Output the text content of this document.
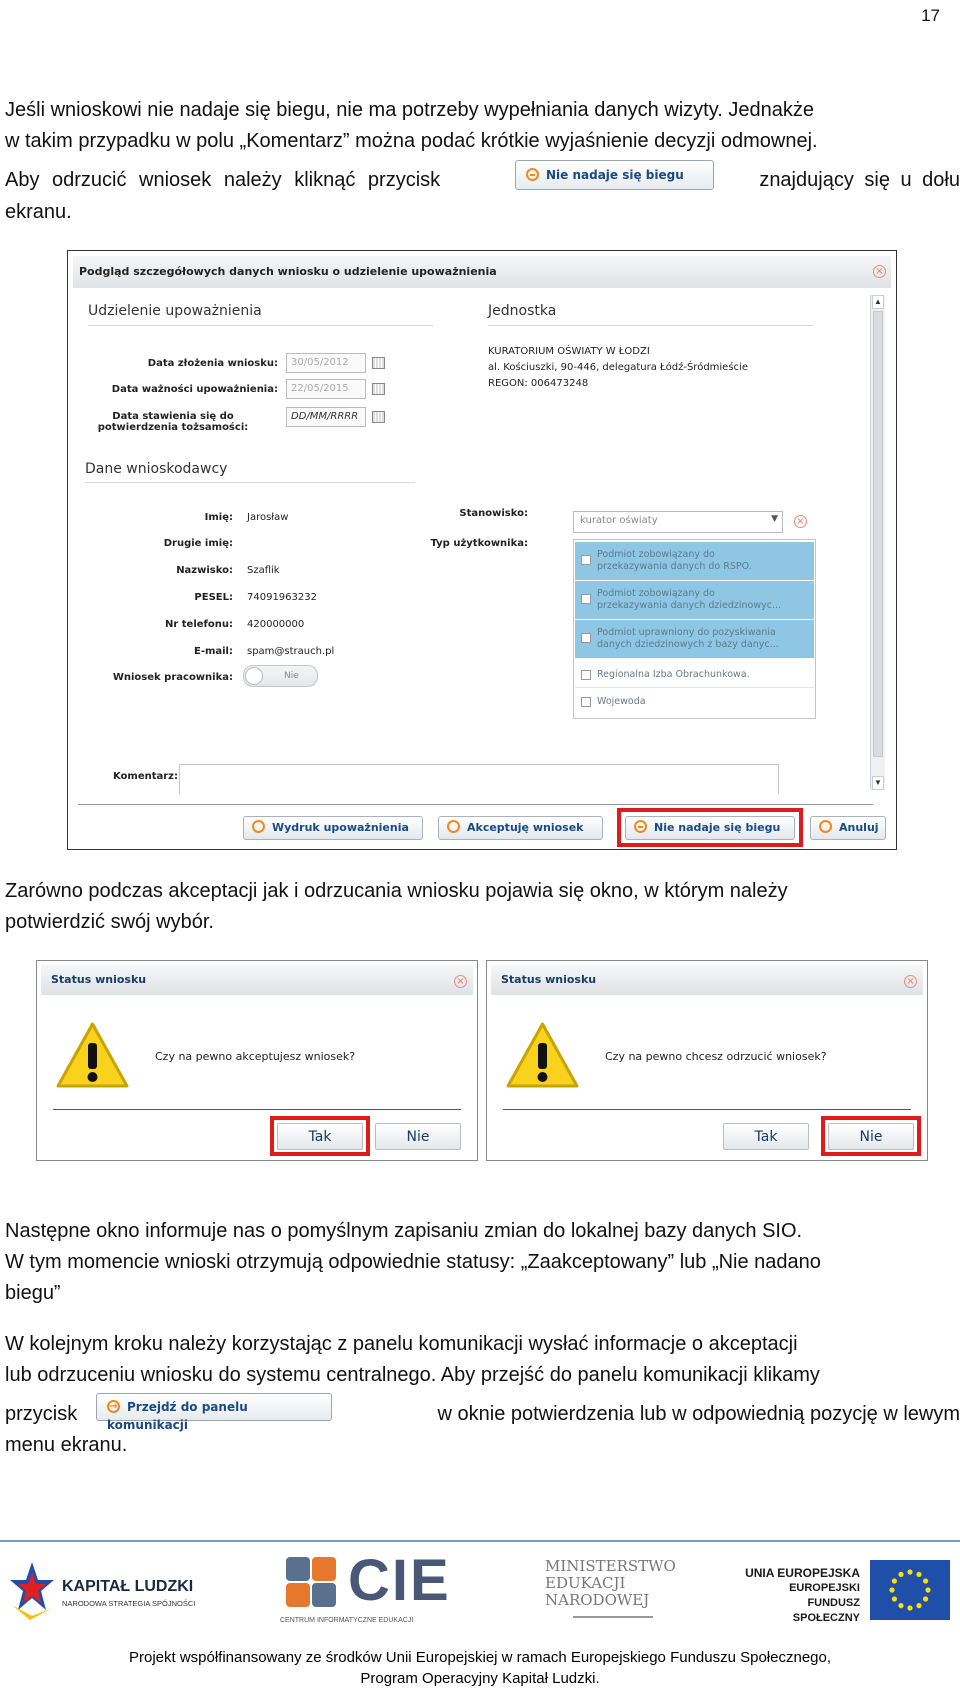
17
Jeśli wnioskowi nie nadaje się biegu, nie ma potrzeby wypełniania danych wizyty. Jednakże
w takim przypadku w polu „Komentarz” można podać krótkie wyjaśnienie decyzji odmownej.
Aby odrzucić wniosek należy kliknąć przycisk	Nie nadaje się biegu	znajdujący się u dołu
ekranu.
Podgląd szczegółowych danych wniosku o udzielenie upoważnienia	×
Udzielenie upoważnienia
Data złożenia wniosku:	30/05/2012
Data ważności upoważnienia:	22/05/2015
Data stawienia się do
potwierdzenia tożsamości:
DD/MM/RRRR
Jednostka
KURATORIUM OŚWIATY W ŁODZI
al. Kościuszki, 90-446, delegatura Łódź-Śródmieście
REGON: 006473248
Dane wnioskodawcy
Imię: Jarosław
Drugie imię:
Nazwisko: Szaflik
PESEL: 74091963232
Nr telefonu: 420000000
E-mail: spam@strauch.pl
Wniosek pracownika:	Nie
Stanowisko:
kurator oświaty	▼ ×
Typ użytkownika:
Podmiot zobowiązany do
przekazywania danych do RSPO.
Podmiot zobowiązany do
przekazywania danych dziedzinowyc...
Podmiot uprawniony do pozyskiwania
danych dziedzinowych z bazy danyc...
Regionalna Izba Obrachunkowa.
Wojewoda
Komentarz:
▲
▼
Wydruk upoważnienia	Akceptuję wniosek	Nie nadaje się biegu	Anuluj
Zarówno podczas akceptacji jak i odrzucania wniosku pojawia się okno, w którym należy
potwierdzić swój wybór.
Status wniosku	×
Czy na pewno akceptujesz wniosek?
Tak	Nie
Status wniosku	×
Czy na pewno chcesz odrzucić wniosek?
Tak	Nie
Następne okno informuje nas o pomyślnym zapisaniu zmian do lokalnej bazy danych SIO.
W tym momencie wnioski otrzymują odpowiednie statusy: „Zaakceptowany” lub „Nie nadano
biegu”
W kolejnym kroku należy korzystając z panelu komunikacji wysłać informacje o akceptacji
lub odrzuceniu wniosku do systemu centralnego. Aby przejść do panelu komunikacji klikamy
przycisk
→	Przejdź do panelu komunikacji	w oknie potwierdzenia lub w odpowiednią pozycję w lewym
menu ekranu.
KAPITAŁ LUDZKI
NARODOWA STRATEGIA SPÓJNOŚCI	CIE
CENTRUM INFORMATYCZNE EDUKACJI
MINISTERSTWO
EDUKACJI
NARODOWEJ
UNIA EUROPEJSKA
EUROPEJSKI
FUNDUSZ SPOŁECZNY
Projekt współfinansowany ze środków Unii Europejskiej w ramach Europejskiego Funduszu Społecznego,
Program Operacyjny Kapitał Ludzki.
